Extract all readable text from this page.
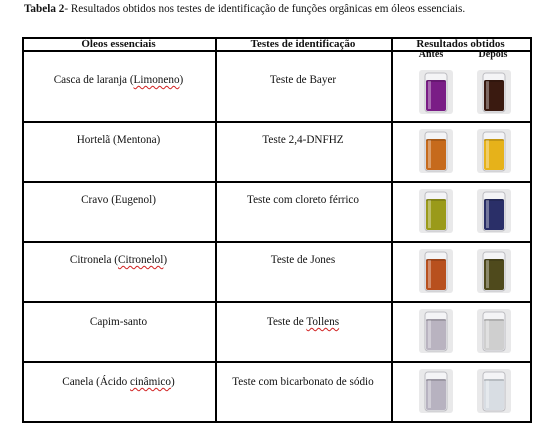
Tabela 2- Resultados obtidos nos testes de identificação de funções orgânicas em óleos essenciais.
Óleos essenciais	Testes de identificação	Resultados obtidos
Antes	Depois
Casca de laranja (Limoneno)	Teste de Bayer
Hortelã (Mentona)	Teste 2,4-DNFHZ
Cravo (Eugenol)	Teste com cloreto férrico
Citronela (Citronelol)	Teste de Jones
Capim-santo	Teste de Tollens
Canela (Ácido cinâmico)	Teste com bicarbonato de sódio
